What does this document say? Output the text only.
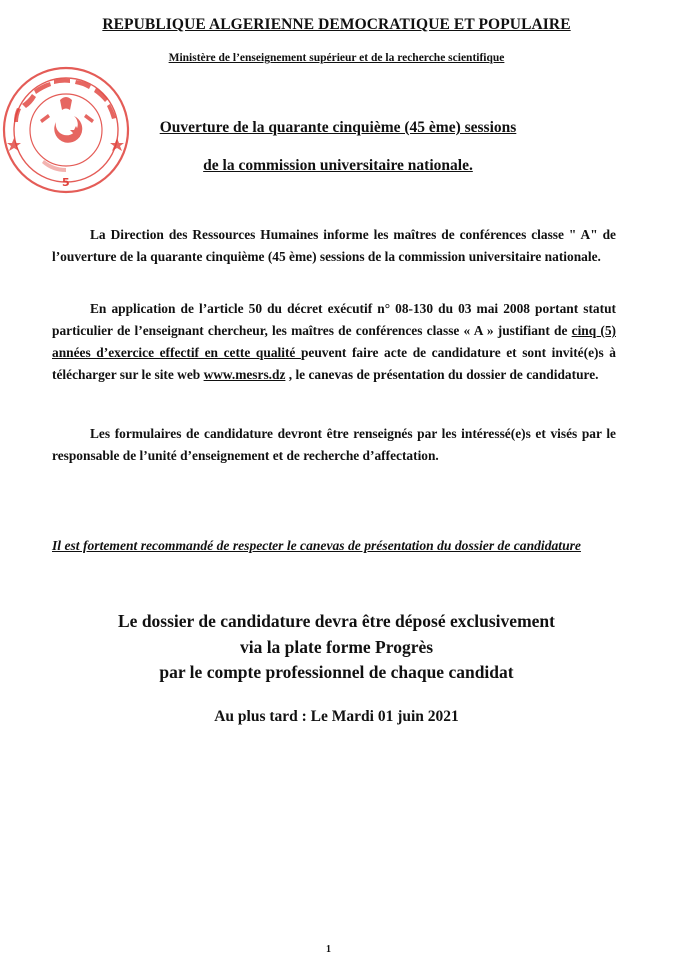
REPUBLIQUE ALGERIENNE DEMOCRATIQUE ET POPULAIRE
Ministère de l’enseignement supérieur et de la recherche scientifique
5
Ouverture de la quarante cinquième (45 ème) sessions
de la commission universitaire nationale.
La Direction des Ressources Humaines informe les maîtres de conférences classe " A" de l’ouverture de la quarante cinquième (45 ème) sessions de la commission universitaire nationale.
En application de l’article 50 du décret exécutif n° 08-130 du 03 mai 2008 portant statut particulier de l’enseignant chercheur, les maîtres de conférences classe « A » justifiant de cinq (5) années d’exercice effectif en cette qualité peuvent faire acte de candidature et sont invité(e)s à télécharger sur le site web www.mesrs.dz , le canevas de présentation du dossier de candidature.
Les formulaires de candidature devront être renseignés par les intéressé(e)s et visés par le responsable de l’unité d’enseignement et de recherche d’affectation.
Il est fortement recommandé de respecter le canevas de présentation du dossier de candidature
Le dossier de candidature devra être déposé exclusivement
via la plate forme Progrès
par le compte professionnel de chaque candidat
Au plus tard : Le Mardi 01 juin 2021
1
